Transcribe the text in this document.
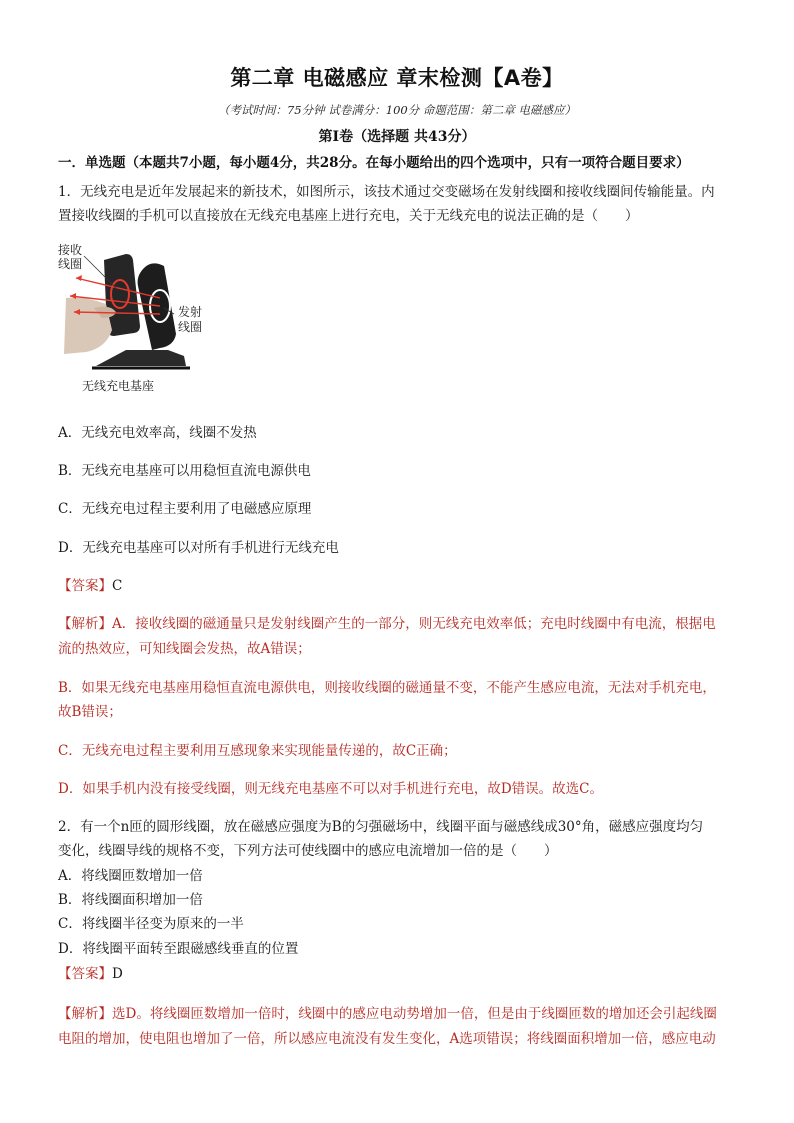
第二章 电磁感应 章末检测【A卷】
（考试时间：75分钟 试卷满分：100分 命题范围：第二章 电磁感应）
第Ⅰ卷（选择题 共43分）
一．单选题（本题共7小题，每小题4分，共28分。在每小题给出的四个选项中，只有一项符合题目要求）
1．无线充电是近年发展起来的新技术，如图所示，该技术通过交变磁场在发射线圈和接收线圈间传输能量。内
置接收线圈的手机可以直接放在无线充电基座上进行充电，关于无线充电的说法正确的是（　　）
接收
线圈
发射
线圈
无线充电基座
A．无线充电效率高，线圈不发热
B．无线充电基座可以用稳恒直流电源供电
C．无线充电过程主要利用了电磁感应原理
D．无线充电基座可以对所有手机进行无线充电
【答案】C
【解析】A．接收线圈的磁通量只是发射线圈产生的一部分，则无线充电效率低；充电时线圈中有电流，根据电
流的热效应，可知线圈会发热，故A错误；
B．如果无线充电基座用稳恒直流电源供电，则接收线圈的磁通量不变，不能产生感应电流，无法对手机充电，
故B错误；
C．无线充电过程主要利用互感现象来实现能量传递的，故C正确；
D．如果手机内没有接受线圈，则无线充电基座不可以对手机进行充电，故D错误。故选C。
2．有一个n匝的圆形线圈，放在磁感应强度为B的匀强磁场中，线圈平面与磁感线成30°角，磁感应强度均匀
变化，线圈导线的规格不变，下列方法可使线圈中的感应电流增加一倍的是（　　）
A．将线圈匝数增加一倍
B．将线圈面积增加一倍
C．将线圈半径变为原来的一半
D．将线圈平面转至跟磁感线垂直的位置
【答案】D
【解析】选D。将线圈匝数增加一倍时，线圈中的感应电动势增加一倍，但是由于线圈匝数的增加还会引起线圈
电阻的增加，使电阻也增加了一倍，所以感应电流没有发生变化，A选项错误；将线圈面积增加一倍，感应电动
